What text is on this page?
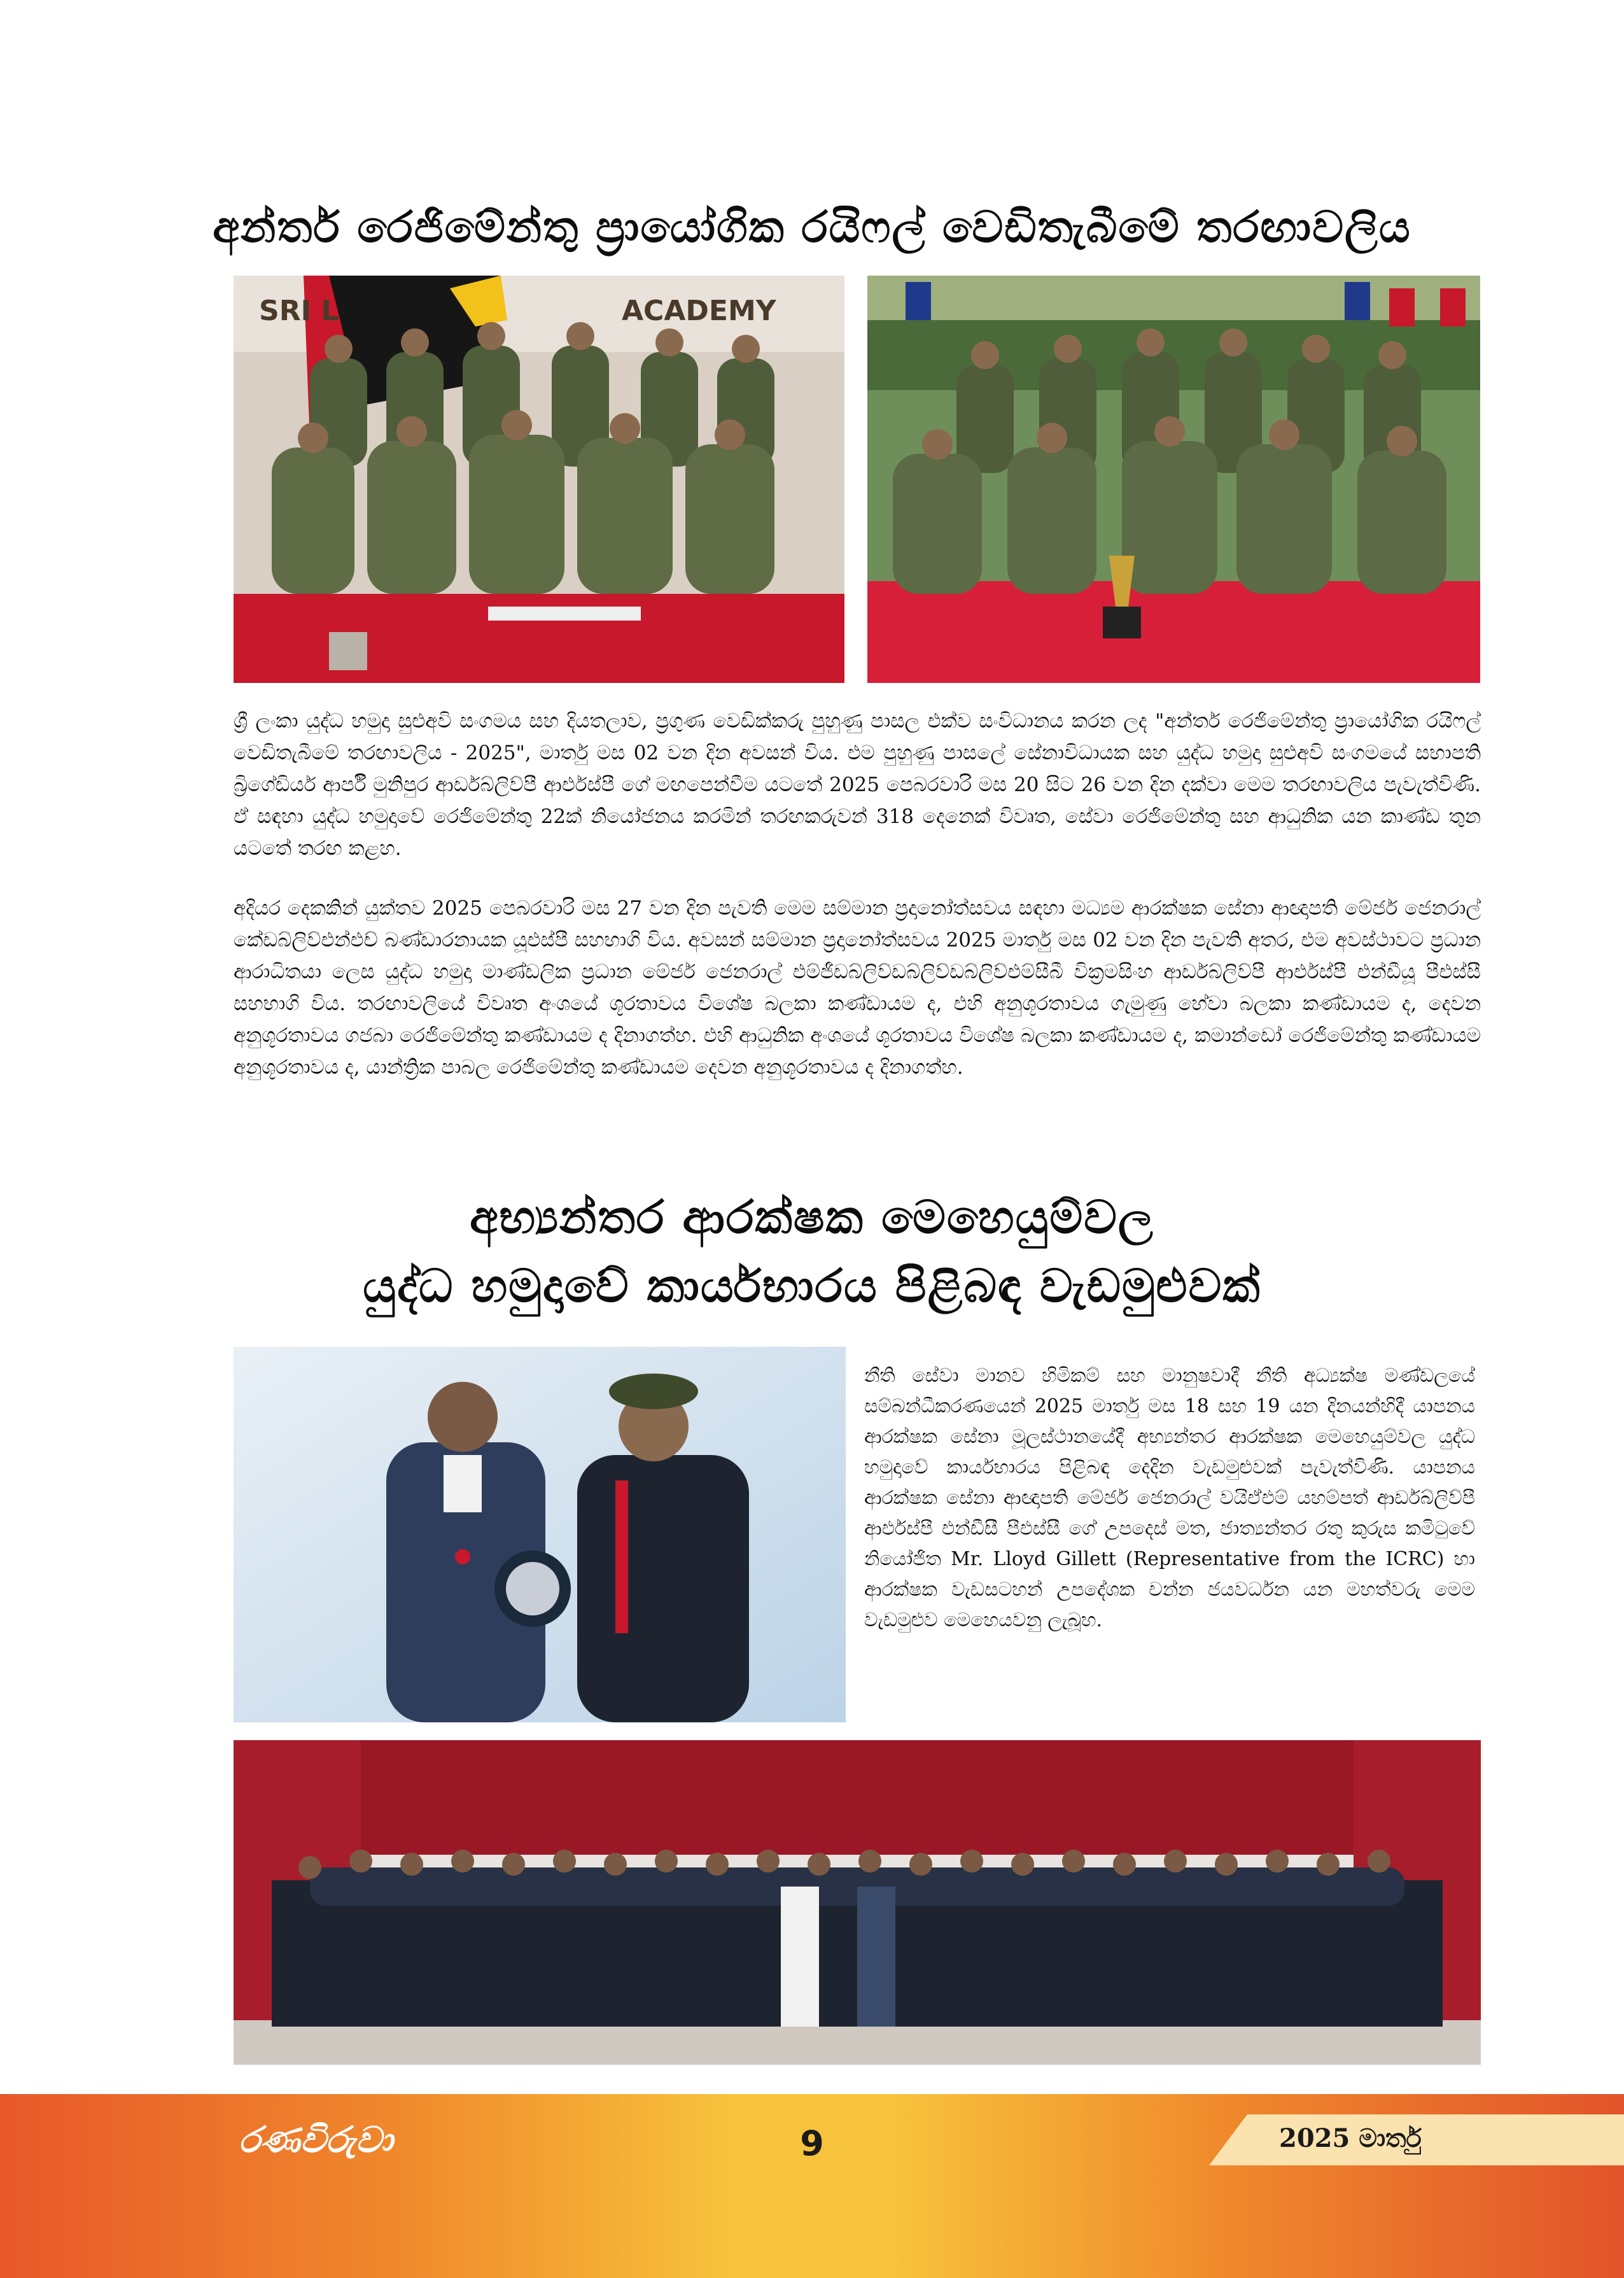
අන්තර් රෙජිමේන්තු ප්‍රායෝගික රයිෆල් වෙඩිතැබීමේ තරඟාවලිය
SRI L	ACADEMY

ශ්‍රී ලංකා යුද්ධ හමුදා සුළුඅවි සංගමය සහ දියතලාව, ප්‍රගුණ වෙඩික්කරු පුහුණු පාසල එක්ව සංවිධානය කරන ලද "අන්තර් රෙජිමේන්තු ප්‍රායෝගික රයිෆල් වෙඩිතැබීමේ තරඟාවලිය - 2025", මාර්තු මස 02 වන දින අවසන් විය. එම පුහුණු පාසලේ සේනාවිධායක සහ යුද්ධ හමුදා සුළුඅවි සංගමයේ සභාපති බ්‍රිගේඩියර් ආර්පී මුනිපුර ආර්ඩබ්ලිව්පී ආර්එස්පී ගේ මඟපෙන්වීම යටතේ 2025 පෙබරවාරි මස 20 සිට 26 වන දින දක්වා මෙම තරඟාවලිය පැවැත්විණි. ඒ සඳහා යුද්ධ හමුදාවේ රෙජිමේන්තු 22ක් නියෝජනය කරමින් තරඟකරුවන් 318 දෙනෙක් විවෘත, සේවා රෙජිමේන්තු සහ ආධුනික යන කාණ්ඩ තුන යටතේ තරඟ කළහ.

අදියර දෙකකින් යුක්තව 2025 පෙබරවාරි මස 27 වන දින පැවති මෙම සම්මාන ප්‍රදානෝත්සවය සඳහා මධ්‍යම ආරක්ෂක සේනා ආඥාපති මේජර් ජෙනරාල් කේඩබ්ලිව්එන්එච් බණ්ඩාරනායක යූඑස්පී සහභාගි විය. අවසන් සම්මාන ප්‍රදානෝත්සවය 2025 මාර්තු මස 02 වන දින පැවති අතර, එම අවස්ථාවට ප්‍රධාන ආරාධිතයා ලෙස යුද්ධ හමුදා මාණ්ඩලික ප්‍රධාන මේජර් ජෙනරාල් එම්ජීඩබ්ලිව්ඩබ්ලිව්ඩබ්ලිව්එම්සීබී වික්‍රමසිංහ ආර්ඩබ්ලිව්පී ආර්එස්පී එන්ඩීයූ පීඑස්සී සහභාගි විය. තරඟාවලියේ විවෘත අංශයේ ශූරතාවය විශේෂ බලකා කණ්ඩායම ද, එහි අනුශූරතාවය ගැමුණු හේවා බලකා කණ්ඩායම ද, දෙවන අනුශූරතාවය ගජබා රෙජිමේන්තු කණ්ඩායම ද දිනාගත්හ. එහි ආධුනික අංශයේ ශූරතාවය විශේෂ බලකා කණ්ඩායම ද, කමාන්ඩෝ රෙජිමේන්තු කණ්ඩායම අනුශූරතාවය ද, යාන්ත්‍රික පාබල රෙජිමේන්තු කණ්ඩායම දෙවන අනුශූරතාවය ද දිනාගත්හ.

අභ්‍යන්තර ආරක්ෂක මෙහෙයුම්වල
යුද්ධ හමුදාවේ කාර්යභාරය පිළිබඳ වැඩමුළුවක්

නීති සේවා මානව හිමිකම් සහ මානුෂවාදී නීති අධ්‍යක්ෂ මණ්ඩලයේ සම්බන්ධීකරණයෙන් 2025 මාර්තු මස 18 සහ 19 යන දිනයන්හිදී යාපනය ආරක්ෂක සේනා මූලස්ථානයේදී අභ්‍යන්තර ආරක්ෂක මෙහෙයුම්වල යුද්ධ හමුදාවේ කාර්යභාරය පිළිබඳ දෙදින වැඩමුළුවක් පැවැත්විණි. යාපනය ආරක්ෂක සේනා ආඥාපති මේජර් ජෙනරාල් වයිඒඑම් යහම්පත් ආර්ඩබ්ලිව්පී ආර්එස්පී එන්ඩීසී පීඑස්සී ගේ උපදෙස් මත, ජාත්‍යන්තර රතු කුරුස කමිටුවේ නියෝජිත Mr. Lloyd Gillett (Representative from the ICRC) හා ආරක්ෂක වැඩසටහන් උපදේශක චන්න ජයවර්ධන යන මහත්වරු මෙම වැඩමුළුව මෙහෙයවනු ලැබූහ.

රණවිරුවා	9	2025 මාර්තු
